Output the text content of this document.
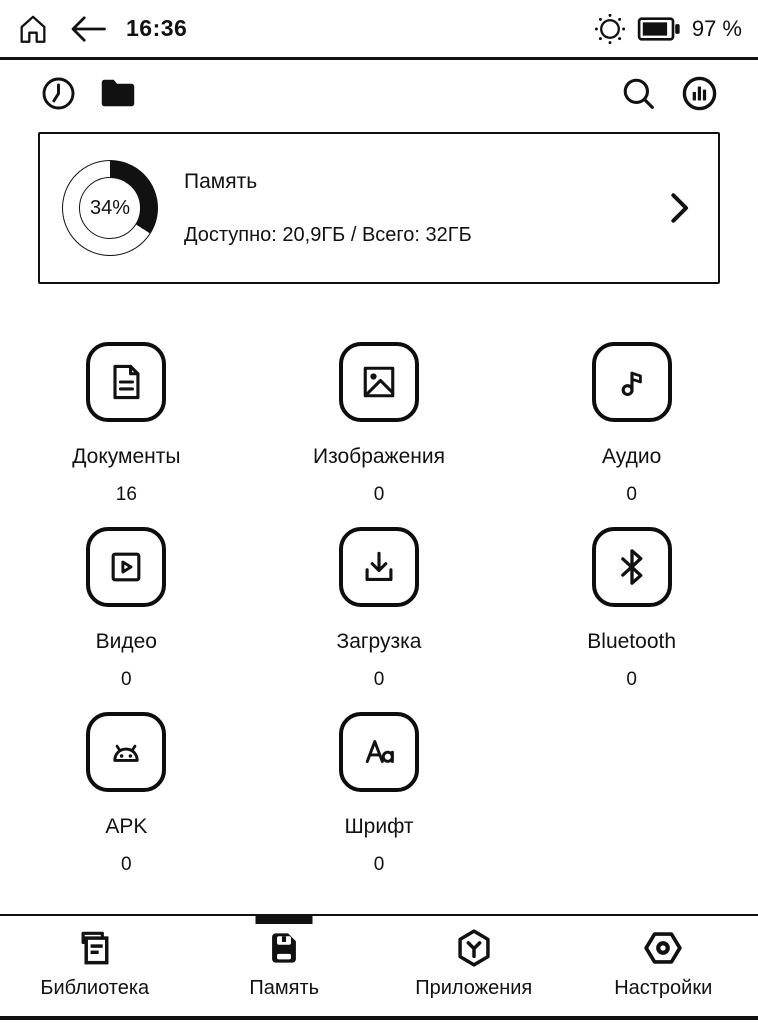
16:36	97 %
34%
Память
Доступно: 20,9ГБ / Всего: 32ГБ
Документы
16
Изображения
0
Аудио
0
Видео
0
Загрузка
0
Bluetooth
0
APK
0
Шрифт
0
Библиотека	Память	Приложения	Настройки
